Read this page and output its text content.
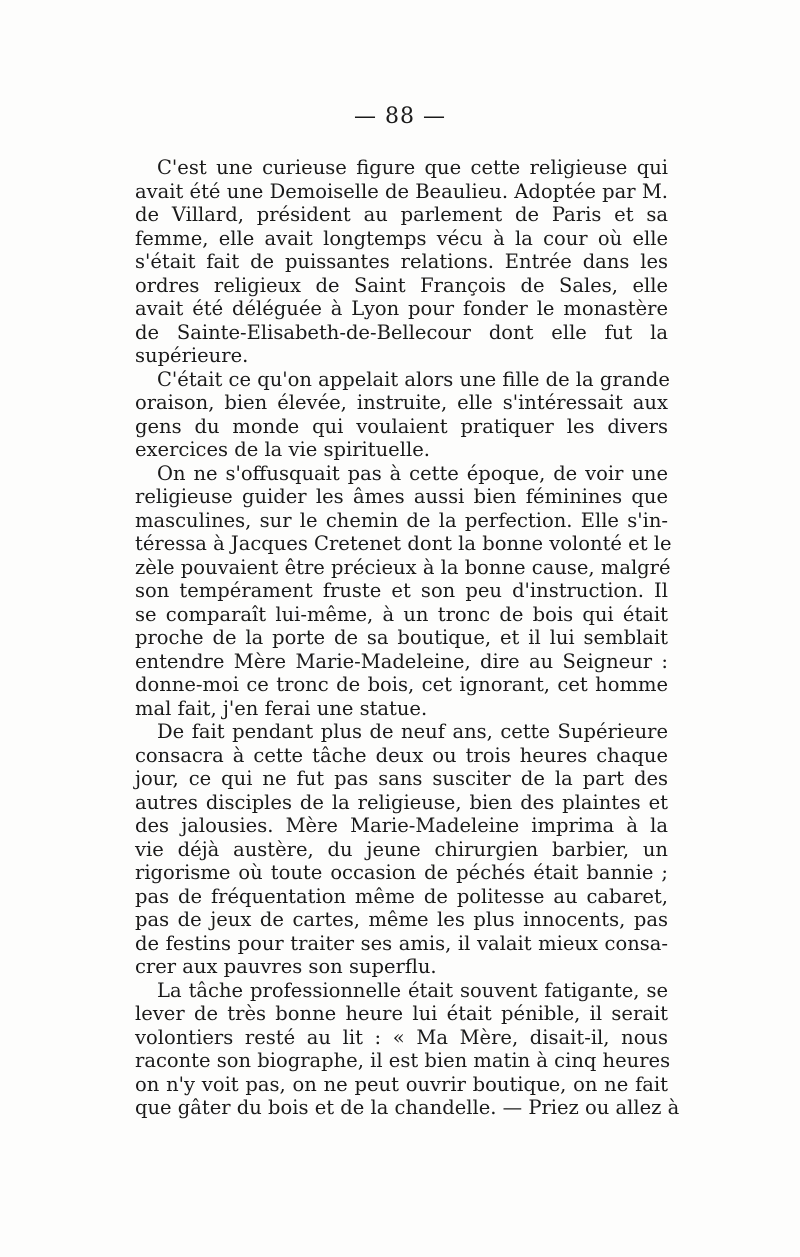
— 88 —
C'est une curieuse figure que cette religieuse qui
avait été une Demoiselle de Beaulieu. Adoptée par M.
de Villard, président au parlement de Paris et sa
femme, elle avait longtemps vécu à la cour où elle
s'était fait de puissantes relations. Entrée dans les
ordres religieux de Saint François de Sales, elle
avait été déléguée à Lyon pour fonder le monastère
de Sainte-Elisabeth-de-Bellecour dont elle fut la
supérieure.
C'était ce qu'on appelait alors une fille de la grande
oraison, bien élevée, instruite, elle s'intéressait aux
gens du monde qui voulaient pratiquer les divers
exercices de la vie spirituelle.
On ne s'offusquait pas à cette époque, de voir une
religieuse guider les âmes aussi bien féminines que
masculines, sur le chemin de la perfection. Elle s'in-
téressa à Jacques Cretenet dont la bonne volonté et le
zèle pouvaient être précieux à la bonne cause, malgré
son tempérament fruste et son peu d'instruction. Il
se comparaît lui-même, à un tronc de bois qui était
proche de la porte de sa boutique, et il lui semblait
entendre Mère Marie-Madeleine, dire au Seigneur :
donne-moi ce tronc de bois, cet ignorant, cet homme
mal fait, j'en ferai une statue.
De fait pendant plus de neuf ans, cette Supérieure
consacra à cette tâche deux ou trois heures chaque
jour, ce qui ne fut pas sans susciter de la part des
autres disciples de la religieuse, bien des plaintes et
des jalousies. Mère Marie-Madeleine imprima à la
vie déjà austère, du jeune chirurgien barbier, un
rigorisme où toute occasion de péchés était bannie ;
pas de fréquentation même de politesse au cabaret,
pas de jeux de cartes, même les plus innocents, pas
de festins pour traiter ses amis, il valait mieux consa-
crer aux pauvres son superflu.
La tâche professionnelle était souvent fatigante, se
lever de très bonne heure lui était pénible, il serait
volontiers resté au lit : « Ma Mère, disait-il, nous
raconte son biographe, il est bien matin à cinq heures
on n'y voit pas, on ne peut ouvrir boutique, on ne fait
que gâter du bois et de la chandelle. — Priez ou allez à
